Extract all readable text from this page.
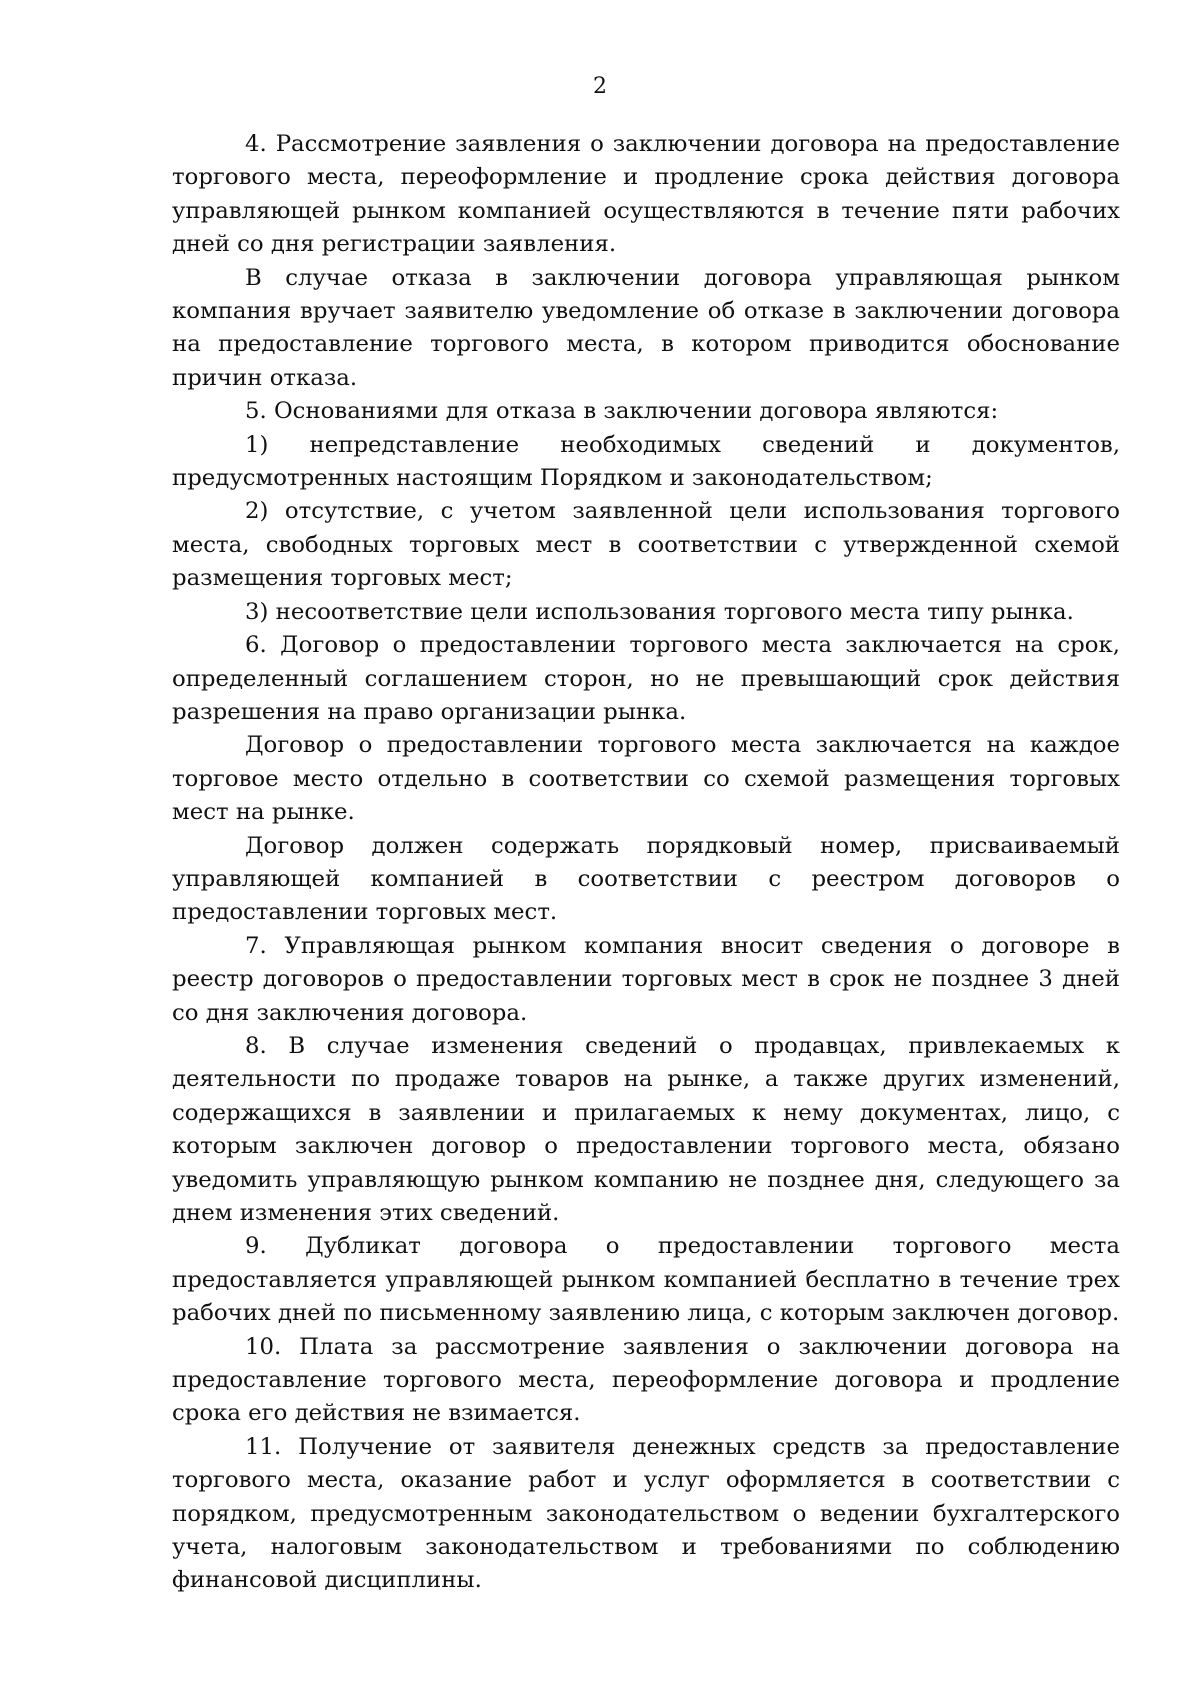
2

4. Рассмотрение заявления о заключении договора на предоставление торгового места, переоформление и продление срока действия договора управляющей рынком компанией осуществляются в течение пяти рабочих дней со дня регистрации заявления.

В случае отказа в заключении договора управляющая рынком компания вручает заявителю уведомление об отказе в заключении договора на предоставление торгового места, в котором приводится обоснование причин отказа.

5. Основаниями для отказа в заключении договора являются:

1) непредставление необходимых сведений и документов, предусмотренных настоящим Порядком и законодательством;

2) отсутствие, с учетом заявленной цели использования торгового места, свободных торговых мест в соответствии с утвержденной схемой размещения торговых мест;

3) несоответствие цели использования торгового места типу рынка.

6. Договор о предоставлении торгового места заключается на срок, определенный соглашением сторон, но не превышающий срок действия разрешения на право организации рынка.

Договор о предоставлении торгового места заключается на каждое торговое место отдельно в соответствии со схемой размещения торговых мест на рынке.

Договор должен содержать порядковый номер, присваиваемый управляющей компанией в соответствии с реестром договоров о предоставлении торговых мест.

7. Управляющая рынком компания вносит сведения о договоре в реестр договоров о предоставлении торговых мест в срок не позднее 3 дней со дня заключения договора.

8. В случае изменения сведений о продавцах, привлекаемых к деятельности по продаже товаров на рынке, а также других изменений, содержащихся в заявлении и прилагаемых к нему документах, лицо, с которым заключен договор о предоставлении торгового места, обязано уведомить управляющую рынком компанию не позднее дня, следующего за днем изменения этих сведений.

9. Дубликат договора о предоставлении торгового места предоставляется управляющей рынком компанией бесплатно в течение трех рабочих дней по письменному заявлению лица, с которым заключен договор.

10. Плата за рассмотрение заявления о заключении договора на предоставление торгового места, переоформление договора и продление срока его действия не взимается.

11. Получение от заявителя денежных средств за предоставление торгового места, оказание работ и услуг оформляется в соответствии с порядком, предусмотренным законодательством о ведении бухгалтерского учета, налоговым законодательством и требованиями по соблюдению финансовой дисциплины.
